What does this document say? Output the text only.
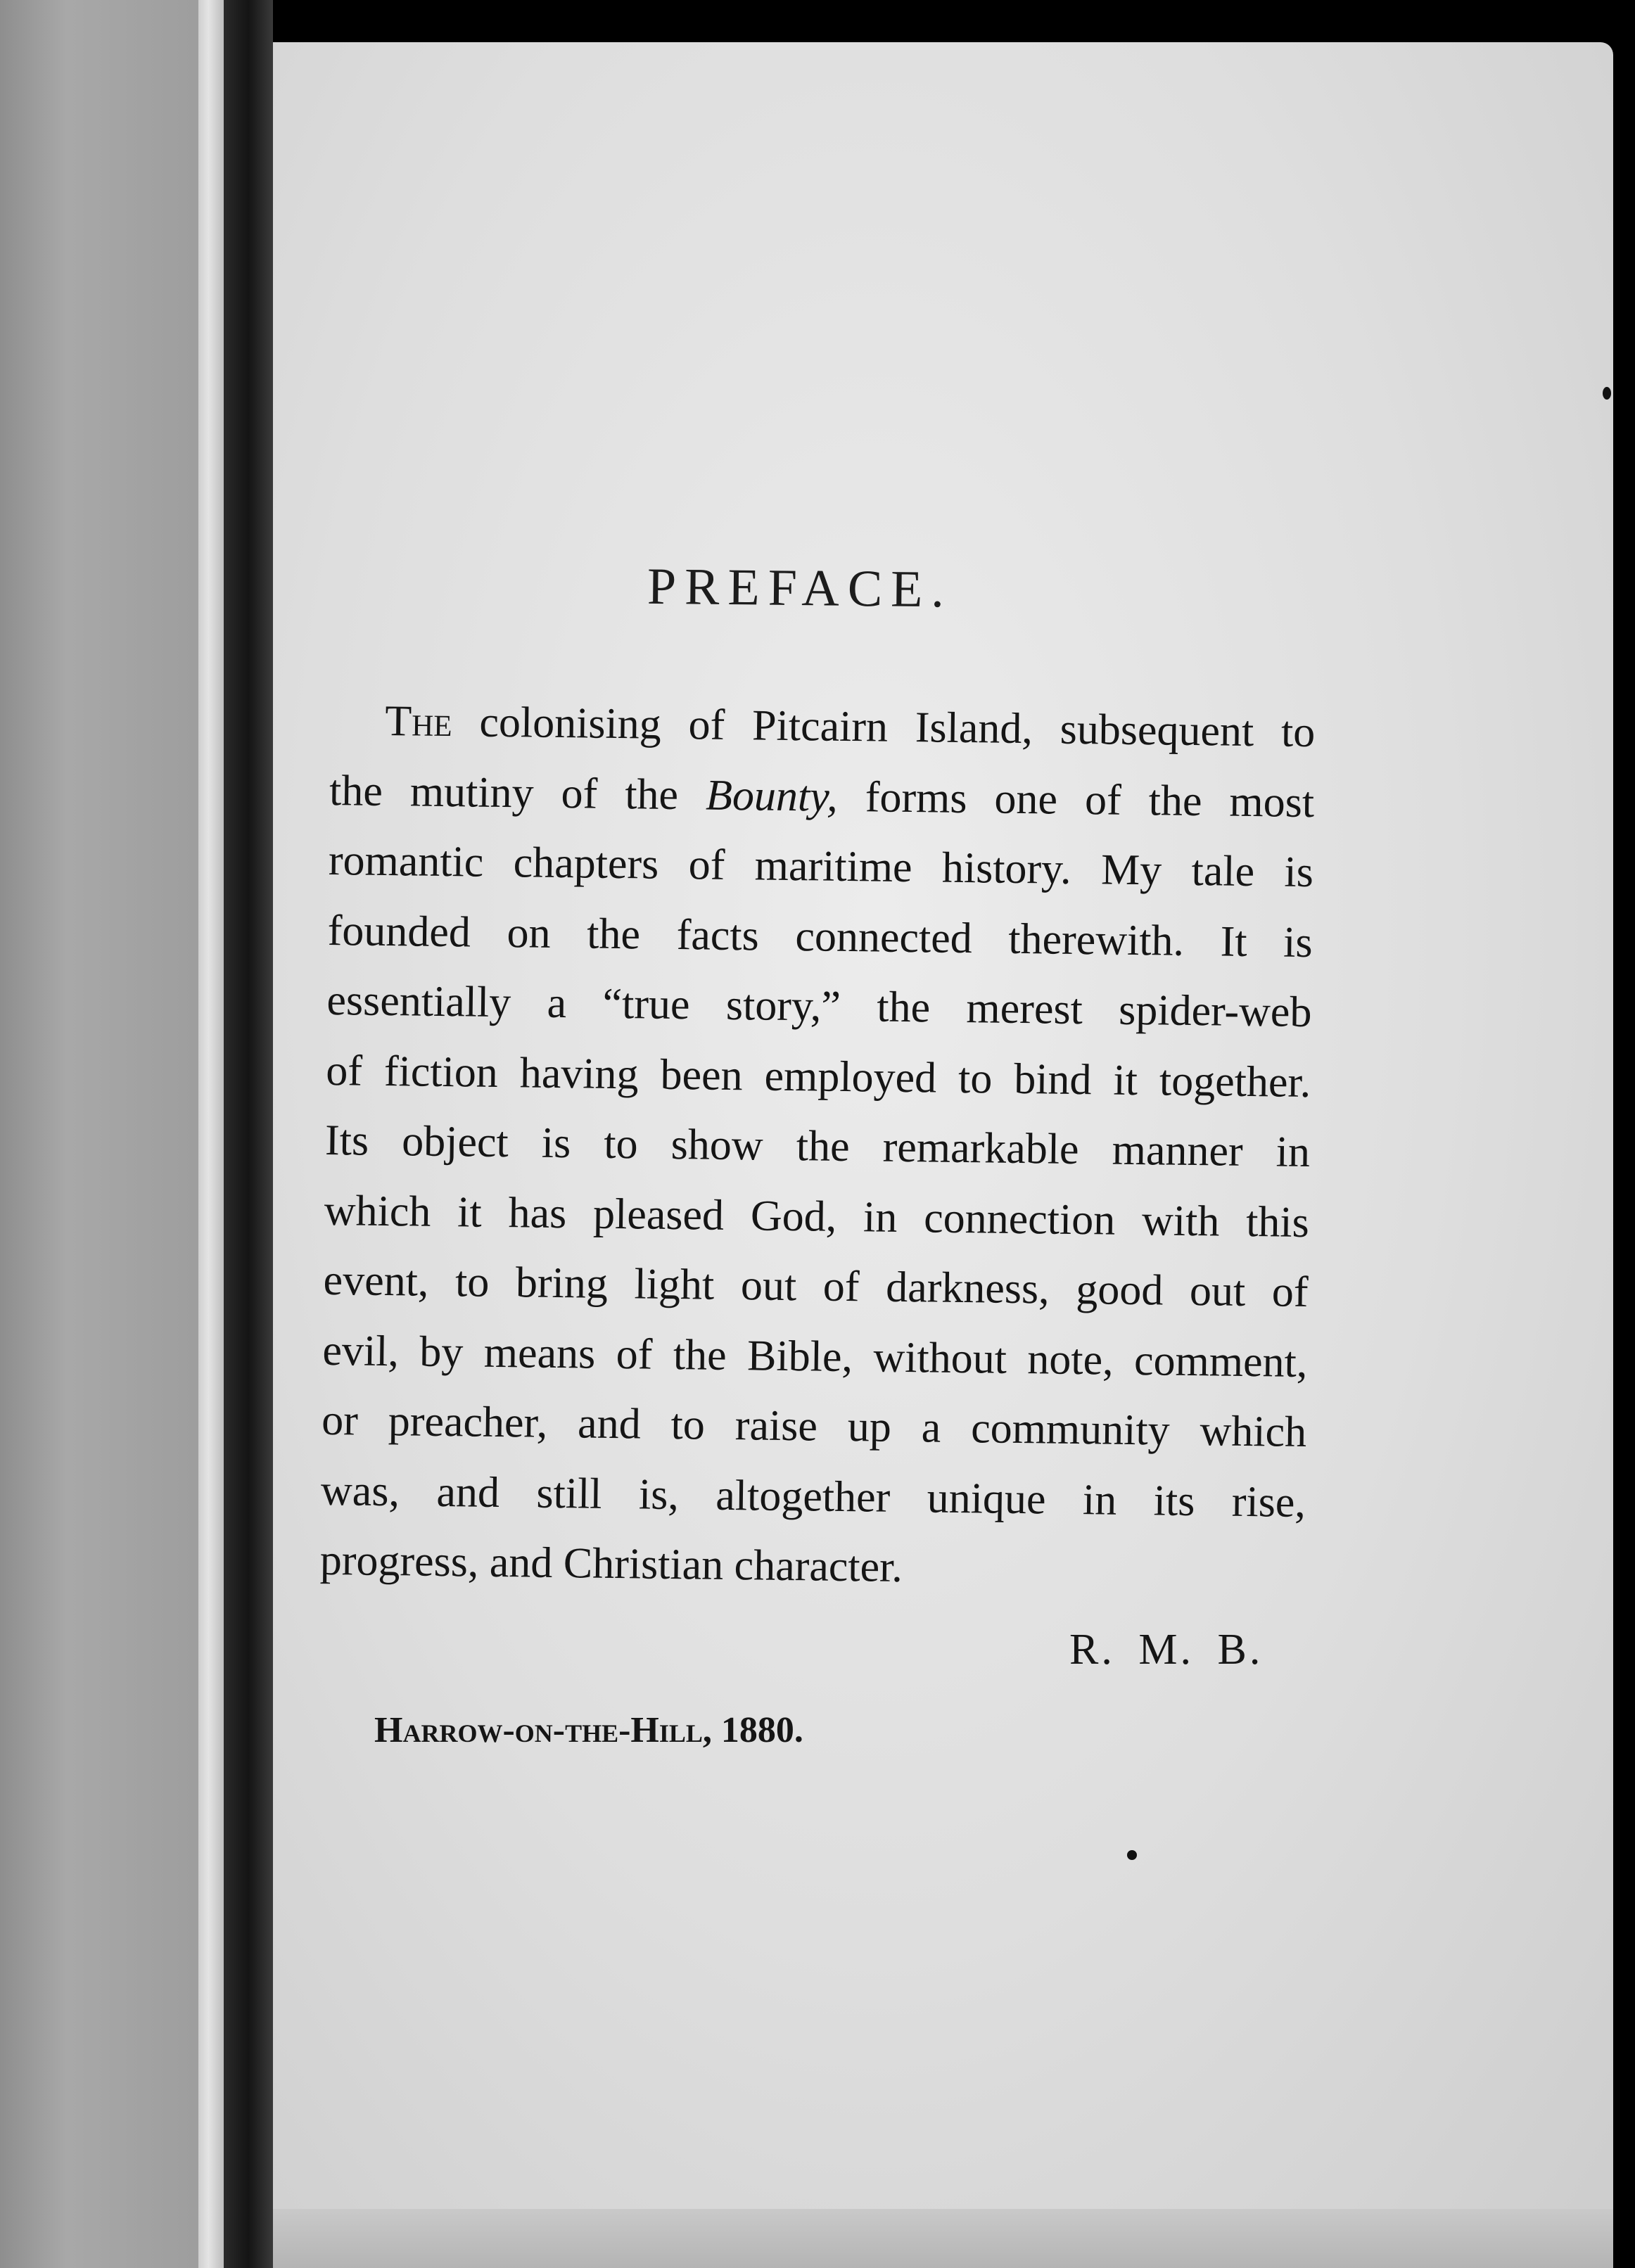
PREFACE.
The colonising of Pitcairn Island, subsequent to
the mutiny of the Bounty, forms one of the most
romantic chapters of maritime history. My tale is
founded on the facts connected therewith. It is
essentially a “true story,” the merest spider-web
of fiction having been employed to bind it together.
Its object is to show the remarkable manner in
which it has pleased God, in connection with this
event, to bring light out of darkness, good out of
evil, by means of the Bible, without note, comment,
or preacher, and to raise up a community which
was, and still is, altogether unique in its rise,
progress, and Christian character.
R. M. B.
Harrow-on-the-Hill, 1880.
